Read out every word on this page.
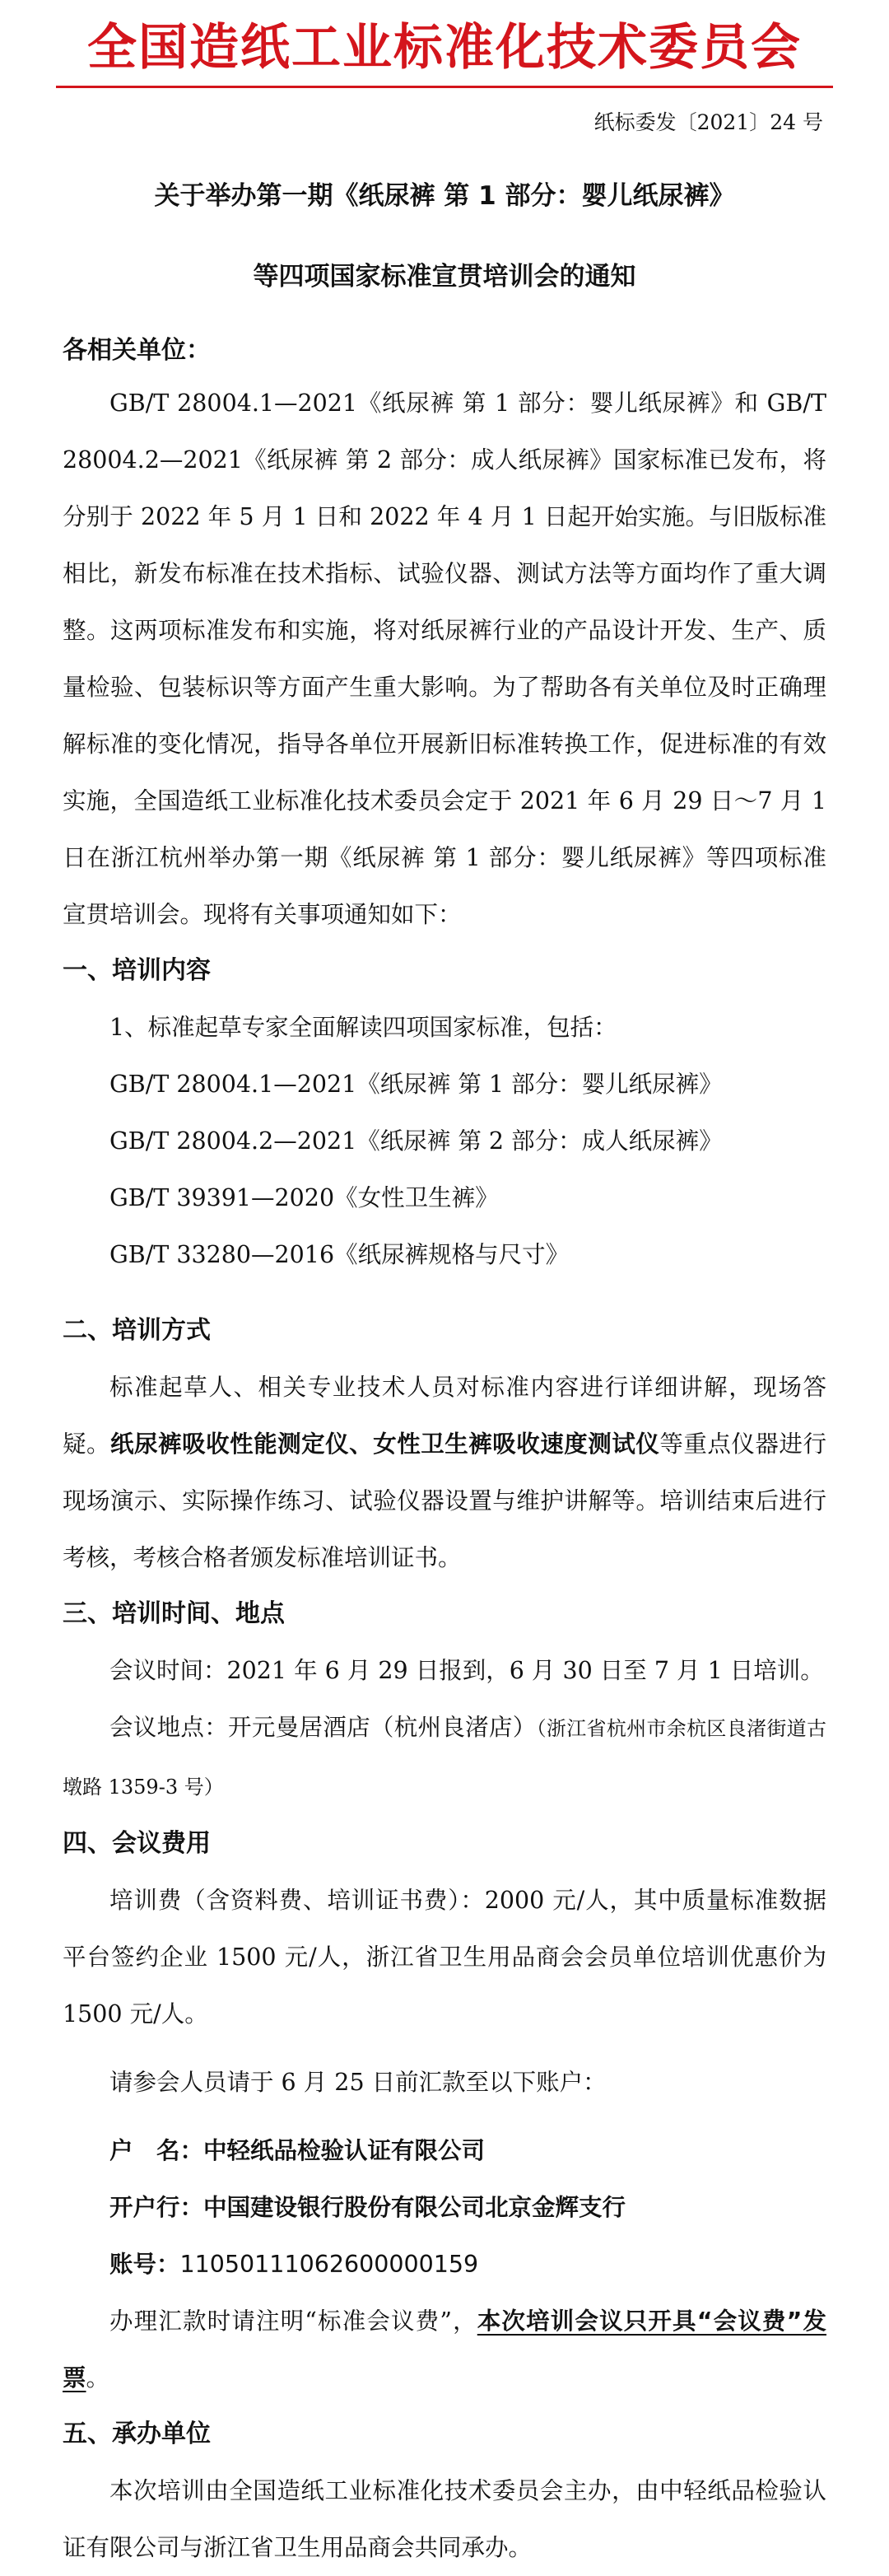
全国造纸工业标准化技术委员会
纸标委发〔2021〕24 号
关于举办第一期《纸尿裤 第 1 部分：婴儿纸尿裤》
等四项国家标准宣贯培训会的通知
各相关单位：

GB/T 28004.1—2021《纸尿裤 第 1 部分：婴儿纸尿裤》和 GB/T 28004.2—2021《纸尿裤 第 2 部分：成人纸尿裤》国家标准已发布，将分别于 2022 年 5 月 1 日和 2022 年 4 月 1 日起开始实施。与旧版标准相比，新发布标准在技术指标、试验仪器、测试方法等方面均作了重大调整。这两项标准发布和实施，将对纸尿裤行业的产品设计开发、生产、质量检验、包装标识等方面产生重大影响。为了帮助各有关单位及时正确理解标准的变化情况，指导各单位开展新旧标准转换工作，促进标准的有效实施，全国造纸工业标准化技术委员会定于 2021 年 6 月 29 日～7 月 1 日在浙江杭州举办第一期《纸尿裤 第 1 部分：婴儿纸尿裤》等四项标准宣贯培训会。现将有关事项通知如下：

一、培训内容
1、标准起草专家全面解读四项国家标准，包括：
GB/T 28004.1—2021《纸尿裤 第 1 部分：婴儿纸尿裤》
GB/T 28004.2—2021《纸尿裤 第 2 部分：成人纸尿裤》
GB/T 39391—2020《女性卫生裤》
GB/T 33280—2016《纸尿裤规格与尺寸》
二、培训方式

标准起草人、相关专业技术人员对标准内容进行详细讲解，现场答疑。纸尿裤吸收性能测定仪、女性卫生裤吸收速度测试仪等重点仪器进行现场演示、实际操作练习、试验仪器设置与维护讲解等。培训结束后进行考核，考核合格者颁发标准培训证书。

三、培训时间、地点
会议时间：2021 年 6 月 29 日报到，6 月 30 日至 7 月 1 日培训。

会议地点：开元曼居酒店（杭州良渚店）（浙江省杭州市余杭区良渚街道古墩路 1359-3 号）

四、会议费用

培训费（含资料费、培训证书费）：2000 元/人，其中质量标准数据平台签约企业 1500 元/人，浙江省卫生用品商会会员单位培训优惠价为 1500 元/人。

请参会人员请于 6 月 25 日前汇款至以下账户：
户　名：中轻纸品检验认证有限公司
开户行：中国建设银行股份有限公司北京金辉支行
账号：11050111062600000159

办理汇款时请注明“标准会议费”，本次培训会议只开具“会议费”发票。

五、承办单位

本次培训由全国造纸工业标准化技术委员会主办，由中轻纸品检验认证有限公司与浙江省卫生用品商会共同承办。
